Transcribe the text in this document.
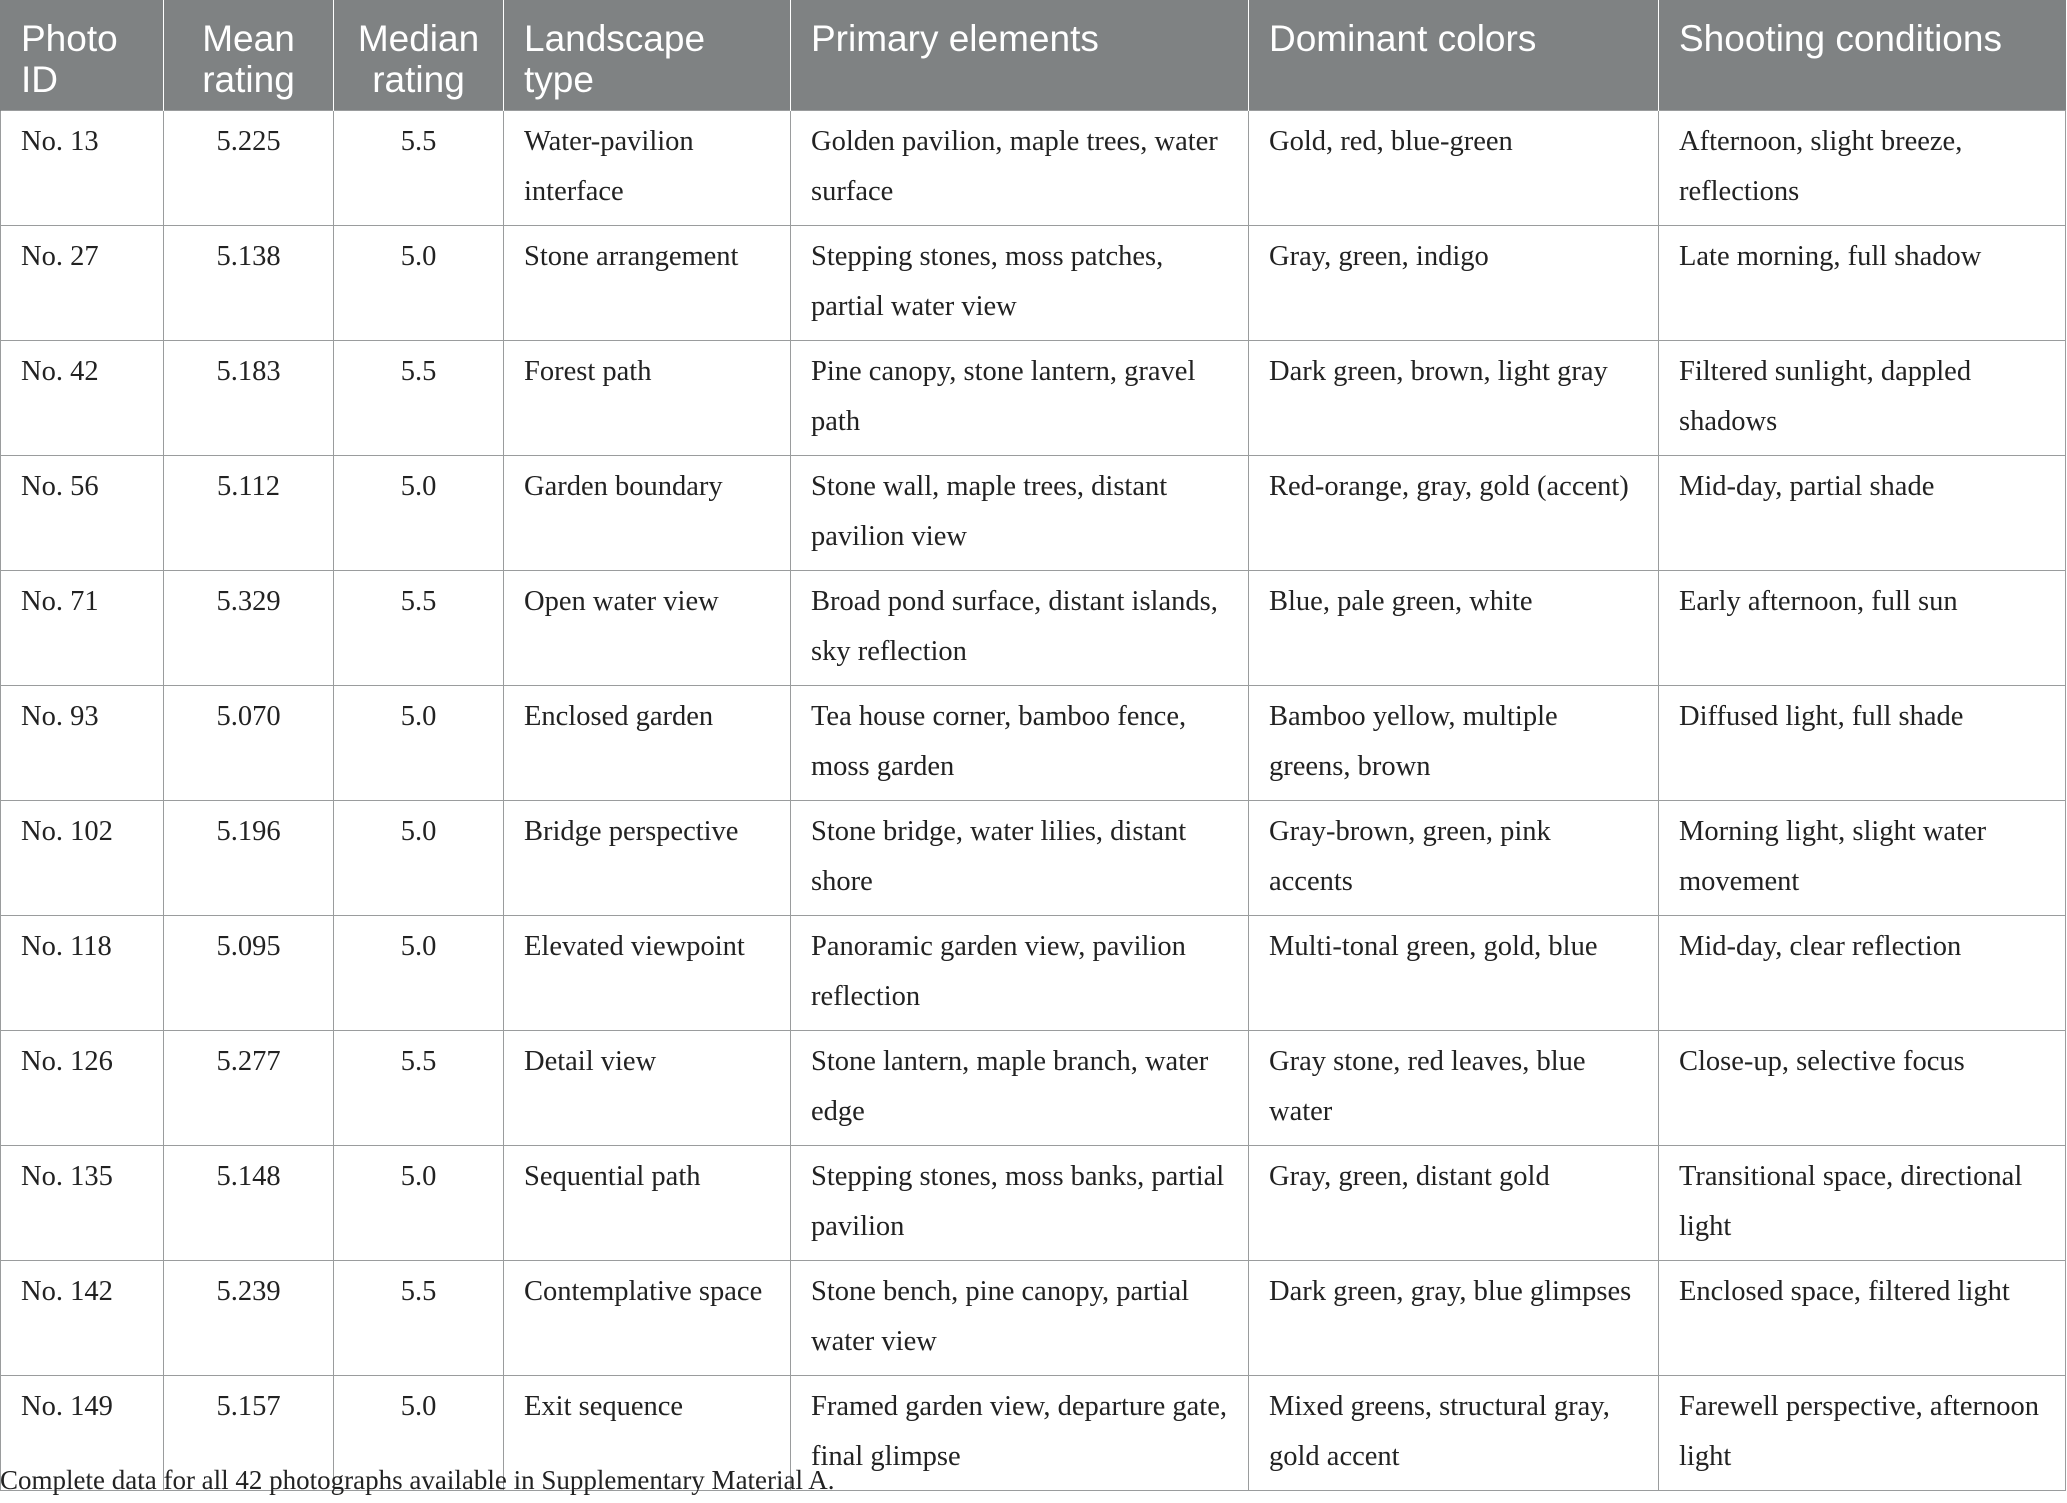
Photo ID	Mean rating	Median rating	Landscape type	Primary elements	Dominant colors	Shooting conditions
No. 13	5.225	5.5	Water-pavilion interface	Golden pavilion, maple trees, water surface	Gold, red, blue-green	Afternoon, slight breeze, reflections
No. 27	5.138	5.0	Stone arrangement	Stepping stones, moss patches, partial water view	Gray, green, indigo	Late morning, full shadow
No. 42	5.183	5.5	Forest path	Pine canopy, stone lantern, gravel path	Dark green, brown, light gray	Filtered sunlight, dappled shadows
No. 56	5.112	5.0	Garden boundary	Stone wall, maple trees, distant pavilion view	Red-orange, gray, gold (accent)	Mid-day, partial shade
No. 71	5.329	5.5	Open water view	Broad pond surface, distant islands, sky reflection	Blue, pale green, white	Early afternoon, full sun
No. 93	5.070	5.0	Enclosed garden	Tea house corner, bamboo fence, moss garden	Bamboo yellow, multiple greens, brown	Diffused light, full shade
No. 102	5.196	5.0	Bridge perspective	Stone bridge, water lilies, distant shore	Gray-brown, green, pink accents	Morning light, slight water movement
No. 118	5.095	5.0	Elevated viewpoint	Panoramic garden view, pavilion reflection	Multi-tonal green, gold, blue	Mid-day, clear reflection
No. 126	5.277	5.5	Detail view	Stone lantern, maple branch, water edge	Gray stone, red leaves, blue water	Close-up, selective focus
No. 135	5.148	5.0	Sequential path	Stepping stones, moss banks, partial pavilion	Gray, green, distant gold	Transitional space, directional light
No. 142	5.239	5.5	Contemplative space	Stone bench, pine canopy, partial water view	Dark green, gray, blue glimpses	Enclosed space, filtered light
No. 149	5.157	5.0	Exit sequence	Framed garden view, departure gate, final glimpse	Mixed greens, structural gray, gold accent	Farewell perspective, afternoon light
Complete data for all 42 photographs available in Supplementary Material A.
